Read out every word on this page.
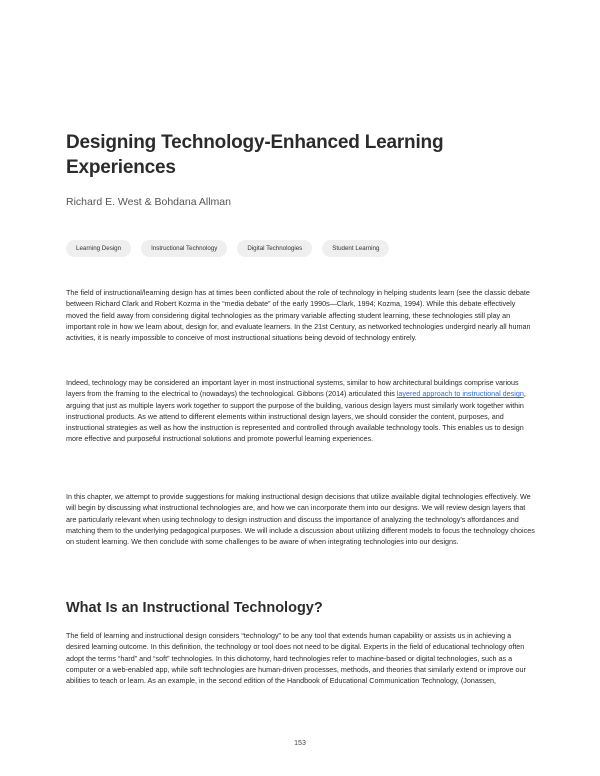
Designing Technology-Enhanced Learning Experiences
Richard E. West & Bohdana Allman
Learning Design	Instructional Technology	Digital Technologies	Student Learning

The field of instructional/learning design has at times been conflicted about the role of technology in helping students learn (see the classic debate between Richard Clark and Robert Kozma in the “media debate” of the early 1990s—Clark, 1994; Kozma, 1994). While this debate effectively moved the field away from considering digital technologies as the primary variable affecting student learning, these technologies still play an important role in how we learn about, design for, and evaluate learners. In the 21st Century, as networked technologies undergird nearly all human activities, it is nearly impossible to conceive of most instructional situations being devoid of technology entirely.

Indeed, technology may be considered an important layer in most instructional systems, similar to how architectural buildings comprise various layers from the framing to the electrical to (nowadays) the technological. Gibbons (2014) articulated this layered approach to instructional design, arguing that just as multiple layers work together to support the purpose of the building, various design layers must similarly work together within instructional products. As we attend to different elements within instructional design layers, we should consider the content, purposes, and instructional strategies as well as how the instruction is represented and controlled through available technology tools. This enables us to design more effective and purposeful instructional solutions and promote powerful learning experiences.

In this chapter, we attempt to provide suggestions for making instructional design decisions that utilize available digital technologies effectively. We will begin by discussing what instructional technologies are, and how we can incorporate them into our designs. We will review design layers that are particularly relevant when using technology to design instruction and discuss the importance of analyzing the technology's affordances and matching them to the underlying pedagogical purposes. We will include a discussion about utilizing different models to focus the technology choices on student learning. We then conclude with some challenges to be aware of when integrating technologies into our designs.

What Is an Instructional Technology?

The field of learning and instructional design considers “technology” to be any tool that extends human capability or assists us in achieving a desired learning outcome. In this definition, the technology or tool does not need to be digital. Experts in the field of educational technology often adopt the terms “hard” and “soft” technologies. In this dichotomy, hard technologies refer to machine-based or digital technologies, such as a computer or a web-enabled app, while soft technologies are human-driven processes, methods, and theories that similarly extend or improve our abilities to teach or learn. As an example, in the second edition of the Handbook of Educational Communication Technology, (Jonassen,

153
